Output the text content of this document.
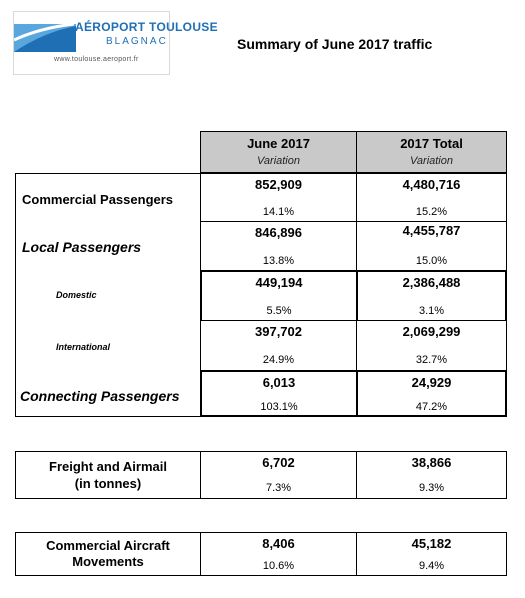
AÉROPORT TOULOUSE
BLAGNAC
www.toulouse.aeroport.fr
Summary of June 2017 traffic
June 2017
Variation
2017 Total
Variation
Commercial Passengers
Local Passengers
Domestic
International
Connecting Passengers
852,909
14.1%
4,480,716
15.2%
846,896
13.8%
4,455,787
15.0%
449,194
5.5%
2,386,488
3.1%
397,702
24.9%
2,069,299
32.7%
6,013
103.1%
24,929
47.2%
Freight and Airmail
(in tonnes)
6,702
7.3%
38,866
9.3%
Commercial Aircraft
Movements
8,406
10.6%
45,182
9.4%
